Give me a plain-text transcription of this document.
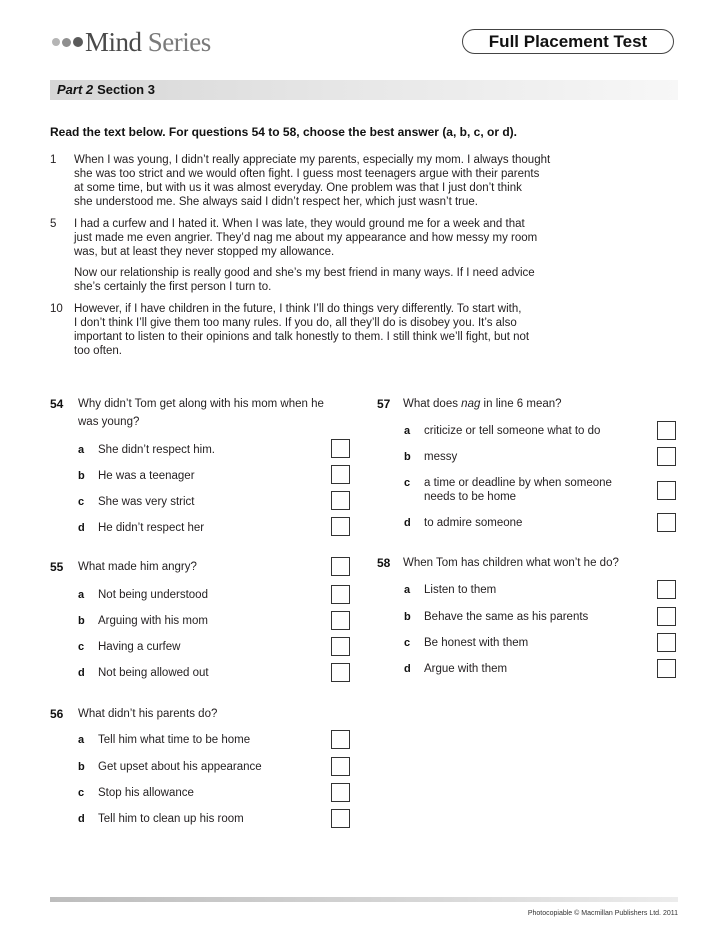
Mind Series	Full Placement Test
Part 2 Section 3
Read the text below. For questions 54 to 58, choose the best answer (a, b, c, or d).
1
5
10
When I was young, I didn’t really appreciate my parents, especially my mom. I always thought
she was too strict and we would often fight. I guess most teenagers argue with their parents
at some time, but with us it was almost everyday. One problem was that I just don’t think
she understood me. She always said I didn’t respect her, which just wasn’t true.
I had a curfew and I hated it. When I was late, they would ground me for a week and that
just made me even angrier. They’d nag me about my appearance and how messy my room
was, but at least they never stopped my allowance.
Now our relationship is really good and she’s my best friend in many ways. If I need advice
she’s certainly the first person I turn to.
However, if I have children in the future, I think I’ll do things very differently. To start with,
I don’t think I’ll give them too many rules. If you do, all they’ll do is disobey you. It’s also
important to listen to their opinions and talk honestly to them. I still think we’ll fight, but not
too often.
54 Why didn’t Tom get along with his mom when he
was young?
a She didn’t respect him.
b He was a teenager
c She was very strict
d He didn’t respect her
55 What made him angry?
a Not being understood
b Arguing with his mom
c Having a curfew
d Not being allowed out
56 What didn’t his parents do?
a Tell him what time to be home
b Get upset about his appearance
c Stop his allowance
d Tell him to clean up his room
57 What does nag in line 6 mean?
a criticize or tell someone what to do
b messy
c a time or deadline by when someone
needs to be home
d to admire someone
58 When Tom has children what won’t he do?
a Listen to them
b Behave the same as his parents
c Be honest with them
d Argue with them
Photocopiable © Macmillan Publishers Ltd. 2011
